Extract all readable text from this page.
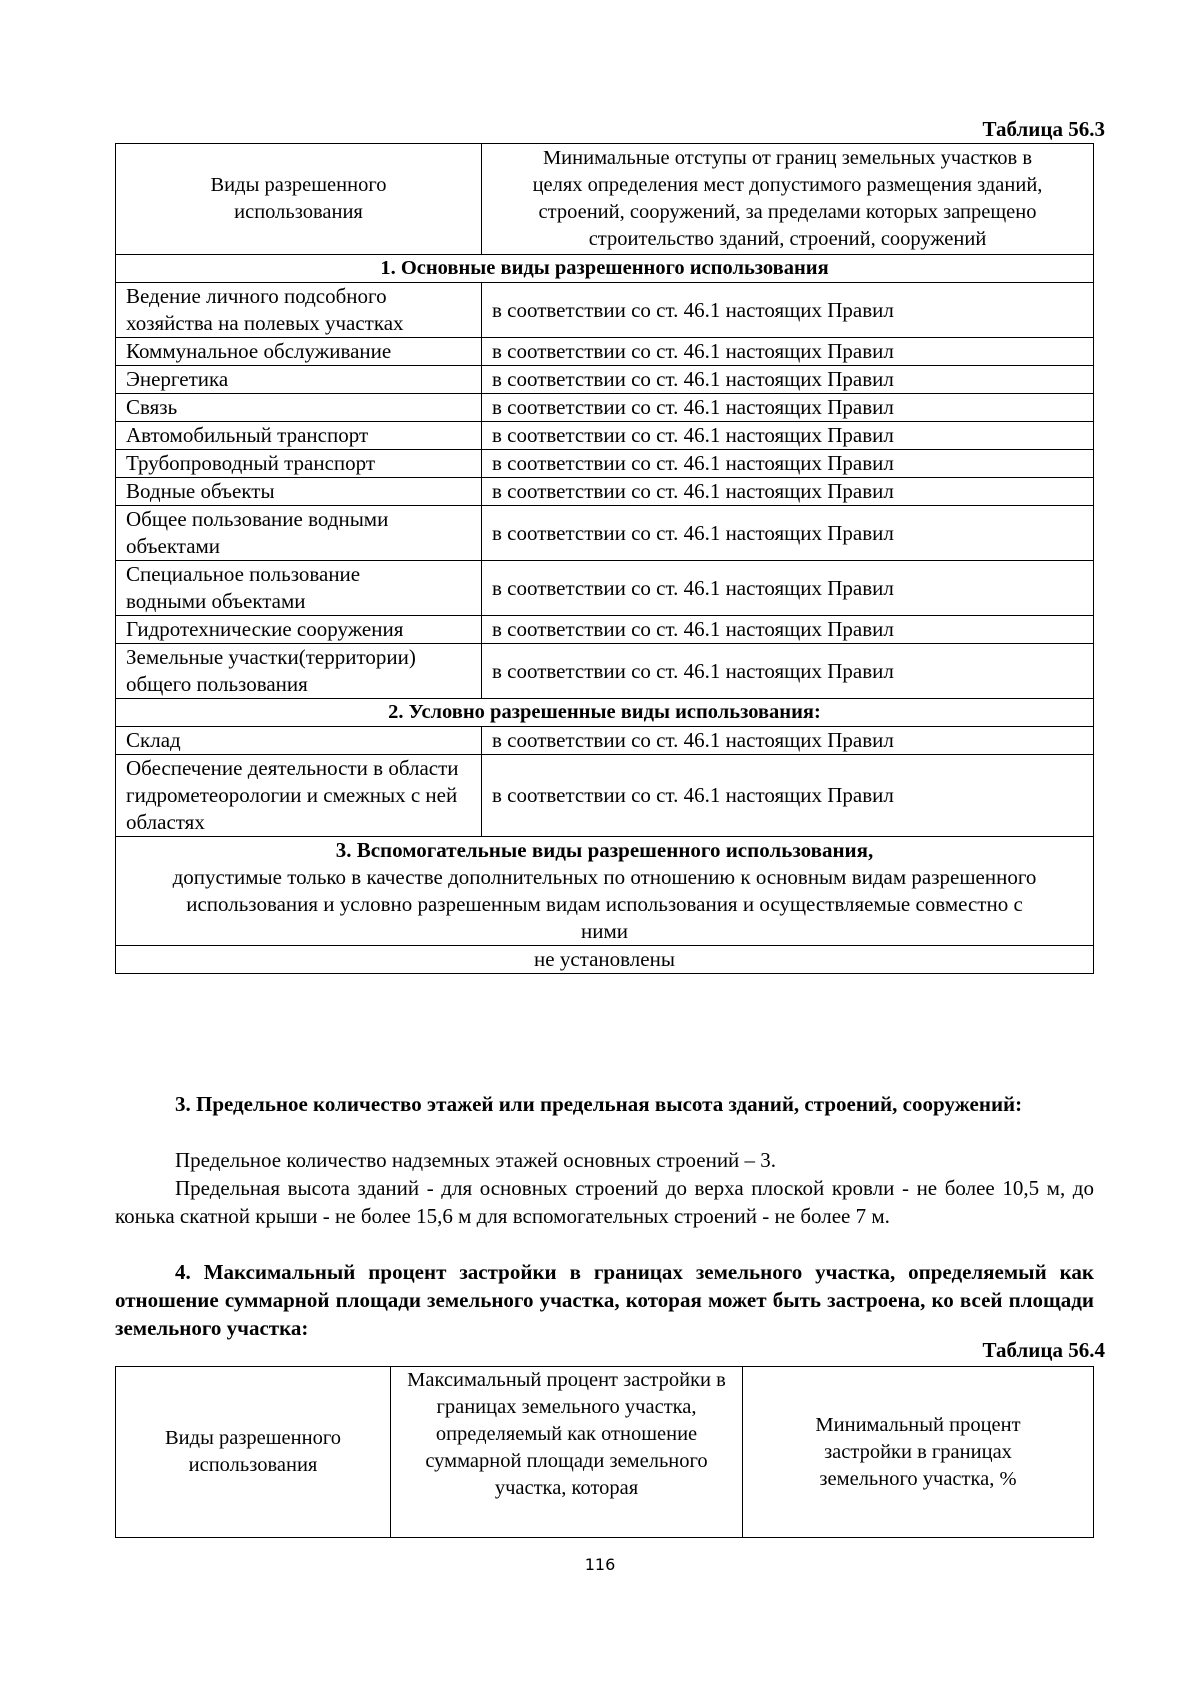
Таблица 56.3
Виды разрешенного использования	Минимальные отступы от границ земельных участков в целях определения мест допустимого размещения зданий, строений, сооружений, за пределами которых запрещено строительство зданий, строений, сооружений
1. Основные виды разрешенного использования	
Ведение личного подсобного хозяйства на полевых участках	в соответствии со ст. 46.1 настоящих Правил
Коммунальное обслуживание	в соответствии со ст. 46.1 настоящих Правил
Энергетика	в соответствии со ст. 46.1 настоящих Правил
Связь	в соответствии со ст. 46.1 настоящих Правил
Автомобильный транспорт	в соответствии со ст. 46.1 настоящих Правил
Трубопроводный транспорт	в соответствии со ст. 46.1 настоящих Правил
Водные объекты	в соответствии со ст. 46.1 настоящих Правил
Общее пользование водными объектами	в соответствии со ст. 46.1 настоящих Правил
Специальное пользование водными объектами	в соответствии со ст. 46.1 настоящих Правил
Гидротехнические сооружения	в соответствии со ст. 46.1 настоящих Правил
Земельные участки(территории) общего пользования	в соответствии со ст. 46.1 настоящих Правил
2. Условно разрешенные виды использования:	
Склад	в соответствии со ст. 46.1 настоящих Правил
Обеспечение деятельности в области гидрометеорологии и смежных с ней областях	в соответствии со ст. 46.1 настоящих Правил

3. Вспомогательные виды разрешенного использования,
допустимые только в качестве дополнительных по отношению к основным видам разрешенного использования и условно разрешенным видам использования и осуществляемые совместно с ними	

не установлены	
3. Предельное количество этажей или предельная высота зданий, строений, сооружений:
Предельное количество надземных этажей основных строений – 3.
Предельная высота зданий - для основных строений до верха плоской кровли - не более 10,5 м, до конька скатной крыши - не более 15,6 м для вспомогательных строений - не более 7 м.
4. Максимальный процент застройки в границах земельного участка, определяемый как отношение суммарной площади земельного участка, которая может быть застроена, ко всей площади земельного участка:
Таблица 56.4
Виды разрешенного использования	Максимальный процент застройки в границах земельного участка, определяемый как отношение суммарной площади земельного участка, которая	Минимальный процент застройки в границах земельного участка, %
116
